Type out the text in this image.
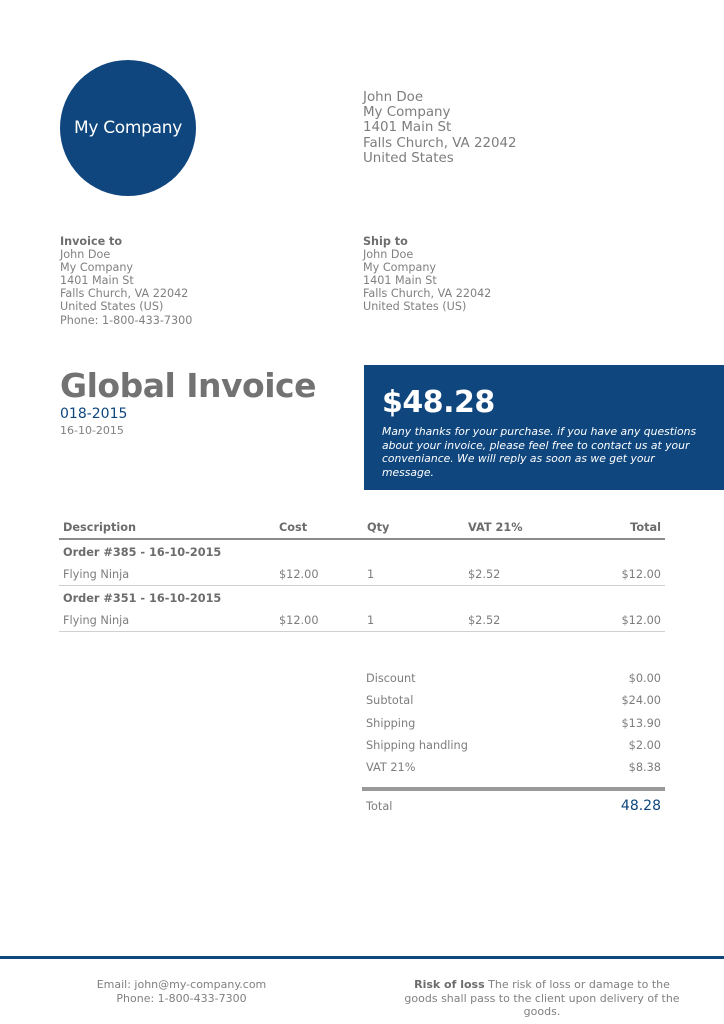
My Company
John Doe
My Company
1401 Main St
Falls Church, VA 22042
United States
Invoice to
John Doe
My Company
1401 Main St
Falls Church, VA 22042
United States (US)
Phone: 1-800-433-7300
Ship to
John Doe
My Company
1401 Main St
Falls Church, VA 22042
United States (US)
Global Invoice
018-2015
16-10-2015
$48.28
Many thanks for your purchase. if you have any questions about your invoice, please feel free to contact us at your conveniance. We will reply as soon as we get your message.
Description	Cost	Qty	VAT 21%	Total
Order #385 - 16-10-2015
Flying Ninja	$12.00	1	$2.52	$12.00
Order #351 - 16-10-2015
Flying Ninja	$12.00	1	$2.52	$12.00
Discount	$0.00
Subtotal	$24.00
Shipping	$13.90
Shipping handling	$2.00
VAT 21%	$8.38
Total	48.28
Email: john@my-company.com
Phone: 1-800-433-7300
Risk of loss The risk of loss or damage to the goods shall pass to the client upon delivery of the goods.
